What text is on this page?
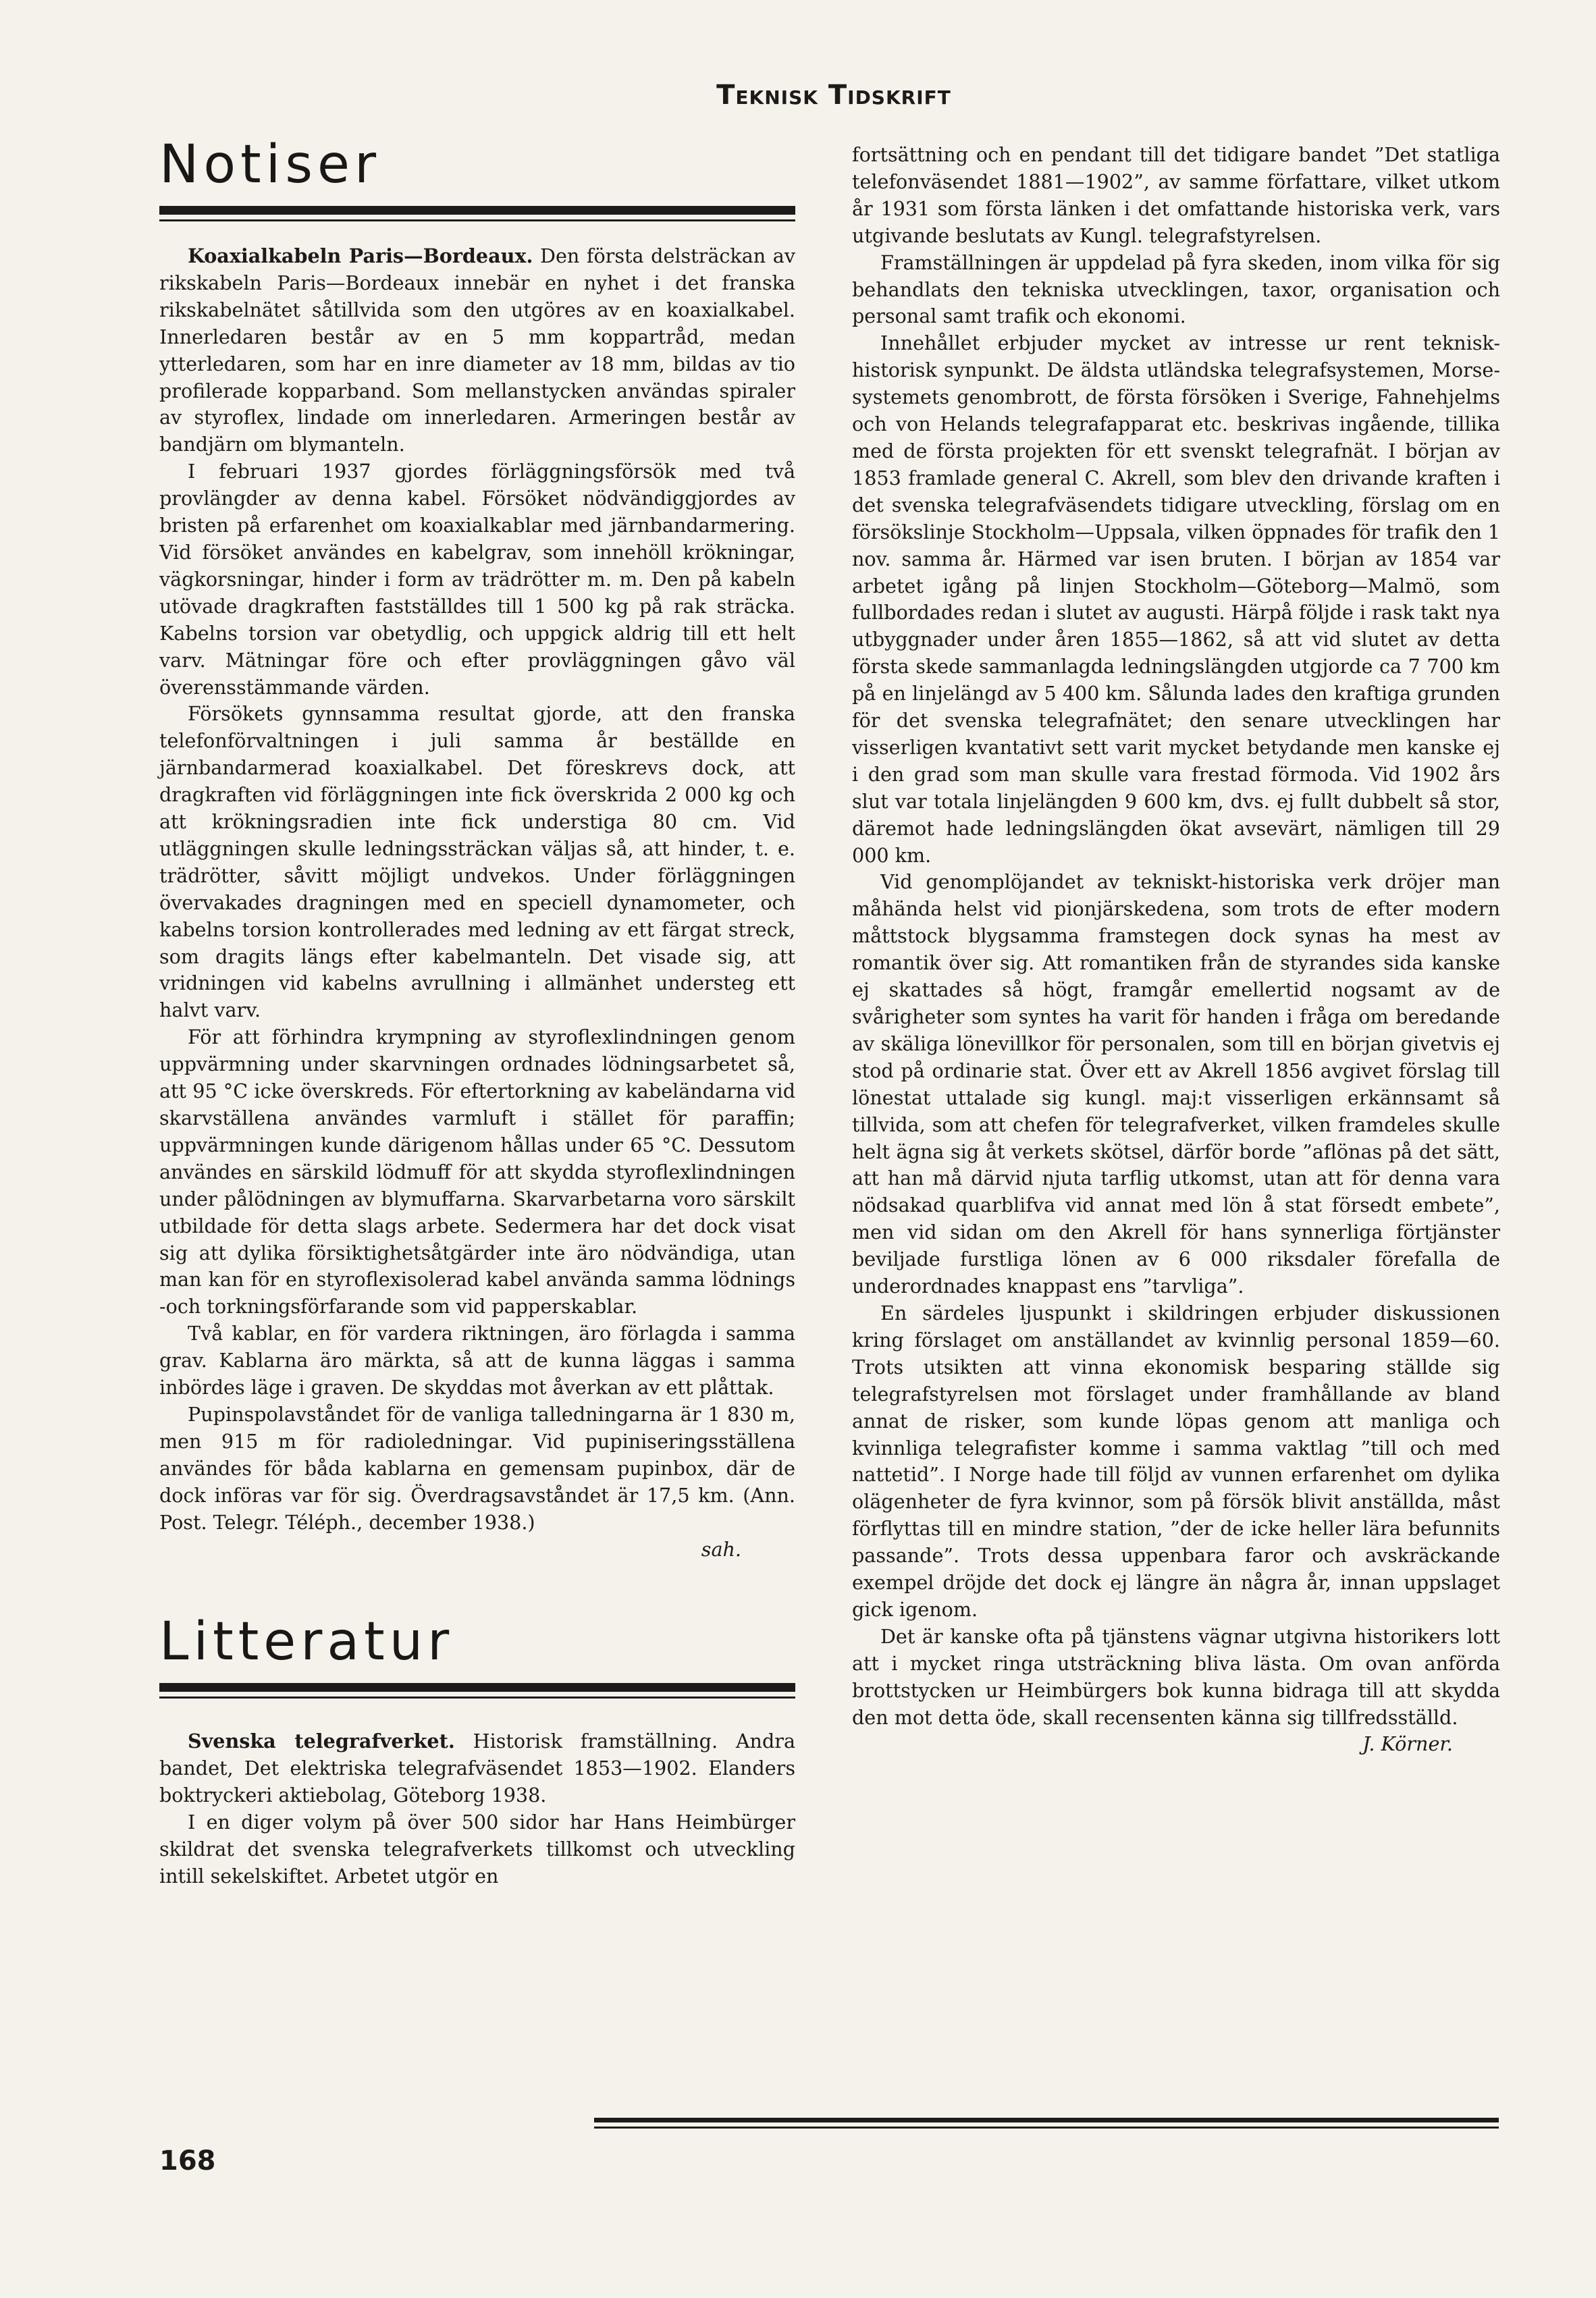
Teknisk Tidskrift
Notiser

Koaxialkabeln Paris—Bordeaux. Den första delsträckan av rikskabeln Paris—Bordeaux innebär en nyhet i det franska rikskabelnätet såtillvida som den utgöres av en koaxialkabel. Innerledaren består av en 5 mm koppartråd, medan ytterledaren, som har en inre diameter av 18 mm, bildas av tio profilerade kopparband. Som mellanstycken användas spiraler av styroflex, lindade om innerledaren. Armeringen består av bandjärn om blymanteln.

I februari 1937 gjordes förläggningsförsök med två provlängder av denna kabel. Försöket nödvändiggjordes av bristen på erfarenhet om koaxialkablar med järnbandarmering. Vid försöket användes en kabelgrav, som innehöll krökningar, vägkorsningar, hinder i form av trädrötter m. m. Den på kabeln utövade dragkraften fastställdes till 1 500 kg på rak sträcka. Kabelns torsion var obetydlig, och uppgick aldrig till ett helt varv. Mätningar före och efter provläggningen gåvo väl överensstämmande värden.

Försökets gynnsamma resultat gjorde, att den franska telefonförvaltningen i juli samma år beställde en järnbandarmerad koaxialkabel. Det föreskrevs dock, att dragkraften vid förläggningen inte fick överskrida 2 000 kg och att krökningsradien inte fick understiga 80 cm. Vid utläggningen skulle ledningssträckan väljas så, att hinder, t. e. trädrötter, såvitt möjligt undvekos. Under förläggningen övervakades dragningen med en speciell dynamometer, och kabelns torsion kontrollerades med ledning av ett färgat streck, som dragits längs efter kabelmanteln. Det visade sig, att vridningen vid kabelns avrullning i allmänhet understeg ett halvt varv.

För att förhindra krympning av styroflexlindningen genom uppvärmning under skarvningen ordnades lödningsarbetet så, att 95 °C icke överskreds. För eftertorkning av kabeländarna vid skarvställena användes varmluft i stället för paraffin; uppvärmningen kunde därigenom hållas under 65 °C. Dessutom användes en särskild lödmuff för att skydda styroflexlindningen under pålödningen av blymuffarna. Skarvarbetarna voro särskilt utbildade för detta slags arbete. Sedermera har det dock visat sig att dylika försiktighetsåtgärder inte äro nödvändiga, utan man kan för en styroflexisolerad kabel använda samma lödnings -och torkningsförfarande som vid papperskablar.

Två kablar, en för vardera riktningen, äro förlagda i samma grav. Kablarna äro märkta, så att de kunna läggas i samma inbördes läge i graven. De skyddas mot åverkan av ett plåttak.

Pupinspolavståndet för de vanliga talledningarna är 1 830 m, men 915 m för radioledningar. Vid pupiniseringsställena användes för båda kablarna en gemensam pupinbox, där de dock införas var för sig. Överdragsavståndet är 17,5 km. (Ann. Post. Telegr. Téléph., december 1938.)

sah.

Litteratur

Svenska telegrafverket. Historisk framställning. Andra bandet, Det elektriska telegrafväsendet 1853—1902. Elanders boktryckeri aktiebolag, Göteborg 1938.

I en diger volym på över 500 sidor har Hans Heimbürger skildrat det svenska telegrafverkets tillkomst och utveckling intill sekelskiftet. Arbetet utgör en

fortsättning och en pendant till det tidigare bandet ”Det statliga telefonväsendet 1881—1902”, av samme författare, vilket utkom år 1931 som första länken i det omfattande historiska verk, vars utgivande beslutats av Kungl. telegrafstyrelsen.

Framställningen är uppdelad på fyra skeden, inom vilka för sig behandlats den tekniska utvecklingen, taxor, organisation och personal samt trafik och ekonomi.

Innehållet erbjuder mycket av intresse ur rent teknisk-historisk synpunkt. De äldsta utländska telegrafsystemen, Morse-systemets genombrott, de första försöken i Sverige, Fahnehjelms och von Helands telegrafapparat etc. beskrivas ingående, tillika med de första projekten för ett svenskt telegrafnät. I början av 1853 framlade general C. Akrell, som blev den drivande kraften i det svenska telegrafväsendets tidigare utveckling, förslag om en försökslinje Stockholm—Uppsala, vilken öppnades för trafik den 1 nov. samma år. Härmed var isen bruten. I början av 1854 var arbetet igång på linjen Stockholm—Göteborg—Malmö, som fullbordades redan i slutet av augusti. Härpå följde i rask takt nya utbyggnader under åren 1855—1862, så att vid slutet av detta första skede sammanlagda ledningslängden utgjorde ca 7 700 km på en linjelängd av 5 400 km. Sålunda lades den kraftiga grunden för det svenska telegrafnätet; den senare utvecklingen har visserligen kvantativt sett varit mycket betydande men kanske ej i den grad som man skulle vara frestad förmoda. Vid 1902 års slut var totala linjelängden 9 600 km, dvs. ej fullt dubbelt så stor, däremot hade ledningslängden ökat avsevärt, nämligen till 29 000 km.

Vid genomplöjandet av tekniskt-historiska verk dröjer man måhända helst vid pionjärskedena, som trots de efter modern måttstock blygsamma framstegen dock synas ha mest av romantik över sig. Att romantiken från de styrandes sida kanske ej skattades så högt, framgår emellertid nogsamt av de svårigheter som syntes ha varit för handen i fråga om beredande av skäliga lönevillkor för personalen, som till en början givetvis ej stod på ordinarie stat. Över ett av Akrell 1856 avgivet förslag till lönestat uttalade sig kungl. maj:t visserligen erkännsamt så tillvida, som att chefen för telegrafverket, vilken framdeles skulle helt ägna sig åt verkets skötsel, därför borde ”aflönas på det sätt, att han må därvid njuta tarflig utkomst, utan att för denna vara nödsakad quarblifva vid annat med lön å stat försedt embete”, men vid sidan om den Akrell för hans synnerliga förtjänster beviljade furstliga lönen av 6 000 riksdaler förefalla de underordnades knappast ens ”tarvliga”.

En särdeles ljuspunkt i skildringen erbjuder diskussionen kring förslaget om anställandet av kvinnlig personal 1859—60. Trots utsikten att vinna ekonomisk besparing ställde sig telegrafstyrelsen mot förslaget under framhållande av bland annat de risker, som kunde löpas genom att manliga och kvinnliga telegrafister komme i samma vaktlag ”till och med nattetid”. I Norge hade till följd av vunnen erfarenhet om dylika olägenheter de fyra kvinnor, som på försök blivit anställda, måst förflyttas till en mindre station, ”der de icke heller lära befunnits passande”. Trots dessa uppenbara faror och avskräckande exempel dröjde det dock ej längre än några år, innan uppslaget gick igenom.

Det är kanske ofta på tjänstens vägnar utgivna historikers lott att i mycket ringa utsträckning bliva lästa. Om ovan anförda brottstycken ur Heimbürgers bok kunna bidraga till att skydda den mot detta öde, skall recensenten känna sig tillfredsställd.

J. Körner.

168
